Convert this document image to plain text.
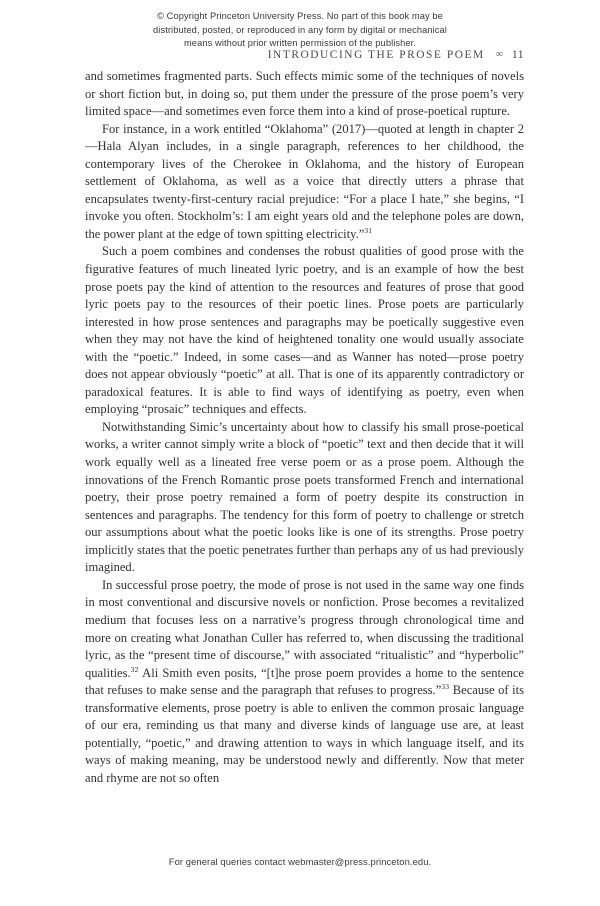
© Copyright Princeton University Press. No part of this book may be
distributed, posted, or reproduced in any form by digital or mechanical
means without prior written permission of the publisher.
INTRODUCING THE PROSE POEM ∞ 11

and sometimes fragmented parts. Such effects mimic some of the techniques of novels or short fiction but, in doing so, put them under the pressure of the prose poem’s very limited space—and sometimes even force them into a kind of prose-poetical rupture.

For instance, in a work entitled “Oklahoma” (2017)—quoted at length in chapter 2—Hala Alyan includes, in a single paragraph, references to her childhood, the contemporary lives of the Cherokee in Oklahoma, and the history of European settlement of Oklahoma, as well as a voice that directly utters a phrase that encapsulates twenty-first-century racial prejudice: “For a place I hate,” she begins, “I invoke you often. Stockholm’s: I am eight years old and the telephone poles are down, the power plant at the edge of town spitting electricity.”$^{31}$

Such a poem combines and condenses the robust qualities of good prose with the figurative features of much lineated lyric poetry, and is an example of how the best prose poets pay the kind of attention to the resources and features of prose that good lyric poets pay to the resources of their poetic lines. Prose poets are particularly interested in how prose sentences and paragraphs may be poetically suggestive even when they may not have the kind of heightened tonality one would usually associate with the “poetic.” Indeed, in some cases—and as Wanner has noted—prose poetry does not appear obviously “poetic” at all. That is one of its apparently contradictory or paradoxical features. It is able to find ways of identifying as poetry, even when employing “prosaic” techniques and effects.

Notwithstanding Simic’s uncertainty about how to classify his small prose-poetical works, a writer cannot simply write a block of “poetic” text and then decide that it will work equally well as a lineated free verse poem or as a prose poem. Although the innovations of the French Romantic prose poets transformed French and international poetry, their prose poetry remained a form of poetry despite its construction in sentences and paragraphs. The tendency for this form of poetry to challenge or stretch our assumptions about what the poetic looks like is one of its strengths. Prose poetry implicitly states that the poetic penetrates further than perhaps any of us had previously imagined.

In successful prose poetry, the mode of prose is not used in the same way one finds in most conventional and discursive novels or nonfiction. Prose becomes a revitalized medium that focuses less on a narrative’s progress through chronological time and more on creating what Jonathan Culler has referred to, when discussing the traditional lyric, as the “present time of discourse,” with associated “ritualistic” and “hyperbolic” qualities.$^{32}$ Ali Smith even posits, “[t]he prose poem provides a home to the sentence that refuses to make sense and the paragraph that refuses to progress.”$^{33}$ Because of its transformative elements, prose poetry is able to enliven the common prosaic language of our era, reminding us that many and diverse kinds of language use are, at least potentially, “poetic,” and drawing attention to ways in which language itself, and its ways of making meaning, may be understood newly and differently. Now that meter and rhyme are not so often

For general queries contact webmaster@press.princeton.edu.
